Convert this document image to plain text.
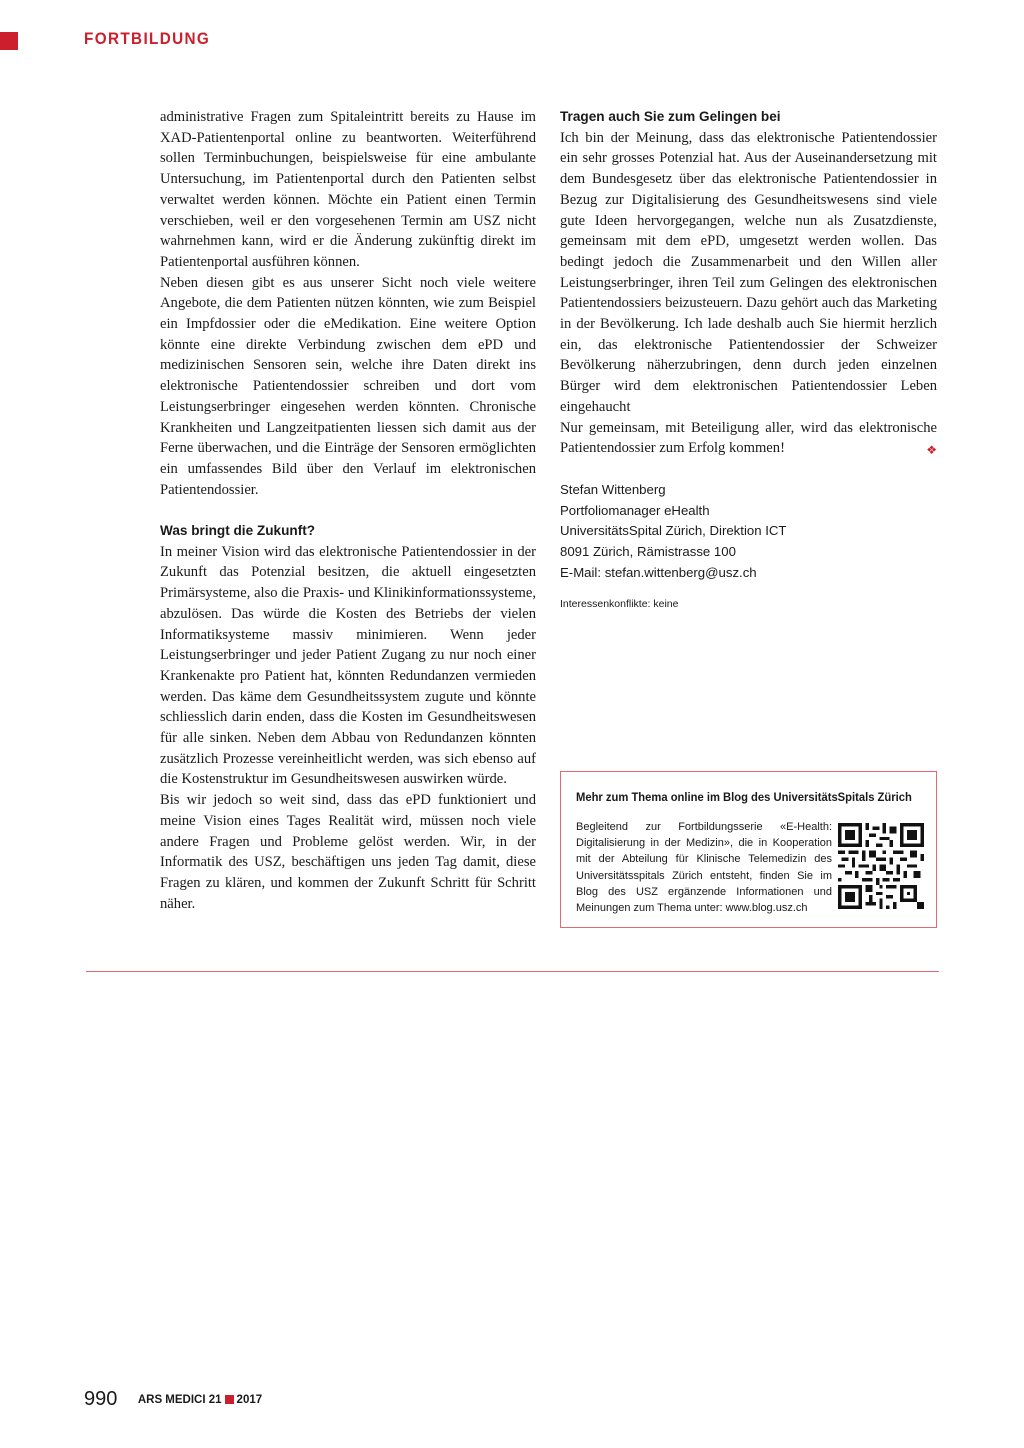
FORTBILDUNG

administrative Fragen zum Spitaleintritt bereits zu Hause im XAD-Patientenportal online zu beantworten. Weiterführend sollen Terminbuchungen, beispielsweise für eine ambulante Untersuchung, im Patientenportal durch den Patienten selbst verwaltet werden können. Möchte ein Patient einen Termin verschieben, weil er den vorgesehenen Termin am USZ nicht wahrnehmen kann, wird er die Änderung zukünftig direkt im Patientenportal ausführen können.

Neben diesen gibt es aus unserer Sicht noch viele weitere Angebote, die dem Patienten nützen könnten, wie zum Beispiel ein Impfdossier oder die eMedikation. Eine weitere Option könnte eine direkte Verbindung zwischen dem ePD und medizinischen Sensoren sein, welche ihre Daten direkt ins elektronische Patientendossier schreiben und dort vom Leistungserbringer eingesehen werden könnten. Chronische Krankheiten und Langzeitpatienten liessen sich damit aus der Ferne überwachen, und die Einträge der Sensoren ermöglichten ein umfassendes Bild über den Verlauf im elektronischen Patientendossier.

Was bringt die Zukunft?

In meiner Vision wird das elektronische Patientendossier in der Zukunft das Potenzial besitzen, die aktuell eingesetzten Primärsysteme, also die Praxis- und Klinikinformationssysteme, abzulösen. Das würde die Kosten des Betriebs der vielen Informatiksysteme massiv minimieren. Wenn jeder Leistungserbringer und jeder Patient Zugang zu nur noch einer Krankenakte pro Patient hat, könnten Redundanzen vermieden werden. Das käme dem Gesundheitssystem zugute und könnte schliesslich darin enden, dass die Kosten im Gesundheitswesen für alle sinken. Neben dem Abbau von Redundanzen könnten zusätzlich Prozesse vereinheitlicht werden, was sich ebenso auf die Kostenstruktur im Gesundheitswesen auswirken würde.

Bis wir jedoch so weit sind, dass das ePD funktioniert und meine Vision eines Tages Realität wird, müssen noch viele andere Fragen und Probleme gelöst werden. Wir, in der Informatik des USZ, beschäftigen uns jeden Tag damit, diese Fragen zu klären, und kommen der Zukunft Schritt für Schritt näher.

Tragen auch Sie zum Gelingen bei

Ich bin der Meinung, dass das elektronische Patientendossier ein sehr grosses Potenzial hat. Aus der Auseinandersetzung mit dem Bundesgesetz über das elektronische Patientendossier in Bezug zur Digitalisierung des Gesundheitswesens sind viele gute Ideen hervorgegangen, welche nun als Zusatzdienste, gemeinsam mit dem ePD, umgesetzt werden wollen. Das bedingt jedoch die Zusammenarbeit und den Willen aller Leistungserbringer, ihren Teil zum Gelingen des elektronischen Patientendossiers beizusteuern. Dazu gehört auch das Marketing in der Bevölkerung. Ich lade deshalb auch Sie hiermit herzlich ein, das elektronische Patientendossier der Schweizer Bevölkerung näherzubringen, denn durch jeden einzelnen Bürger wird dem elektronischen Patientendossier Leben eingehaucht

Nur gemeinsam, mit Beteiligung aller, wird das elektronische Patientendossier zum Erfolg kommen!	❖

Stefan Wittenberg
Portfoliomanager eHealth
UniversitätsSpital Zürich, Direktion ICT
8091 Zürich, Rämistrasse 100
E-Mail: stefan.wittenberg@usz.ch
Interessenkonflikte: keine
Mehr zum Thema online im Blog des UniversitätsSpitals Zürich
Begleitend zur Fortbildungsserie «E-Health: Digitalisierung in der Medizin», die in Kooperation mit der Abteilung für Klinische Telemedizin des Universitätsspitals Zürich entsteht, finden Sie im Blog des USZ ergänzende Informationen und Meinungen zum Thema unter: www.blog.usz.ch
990 ARS MEDICI 21 2017
